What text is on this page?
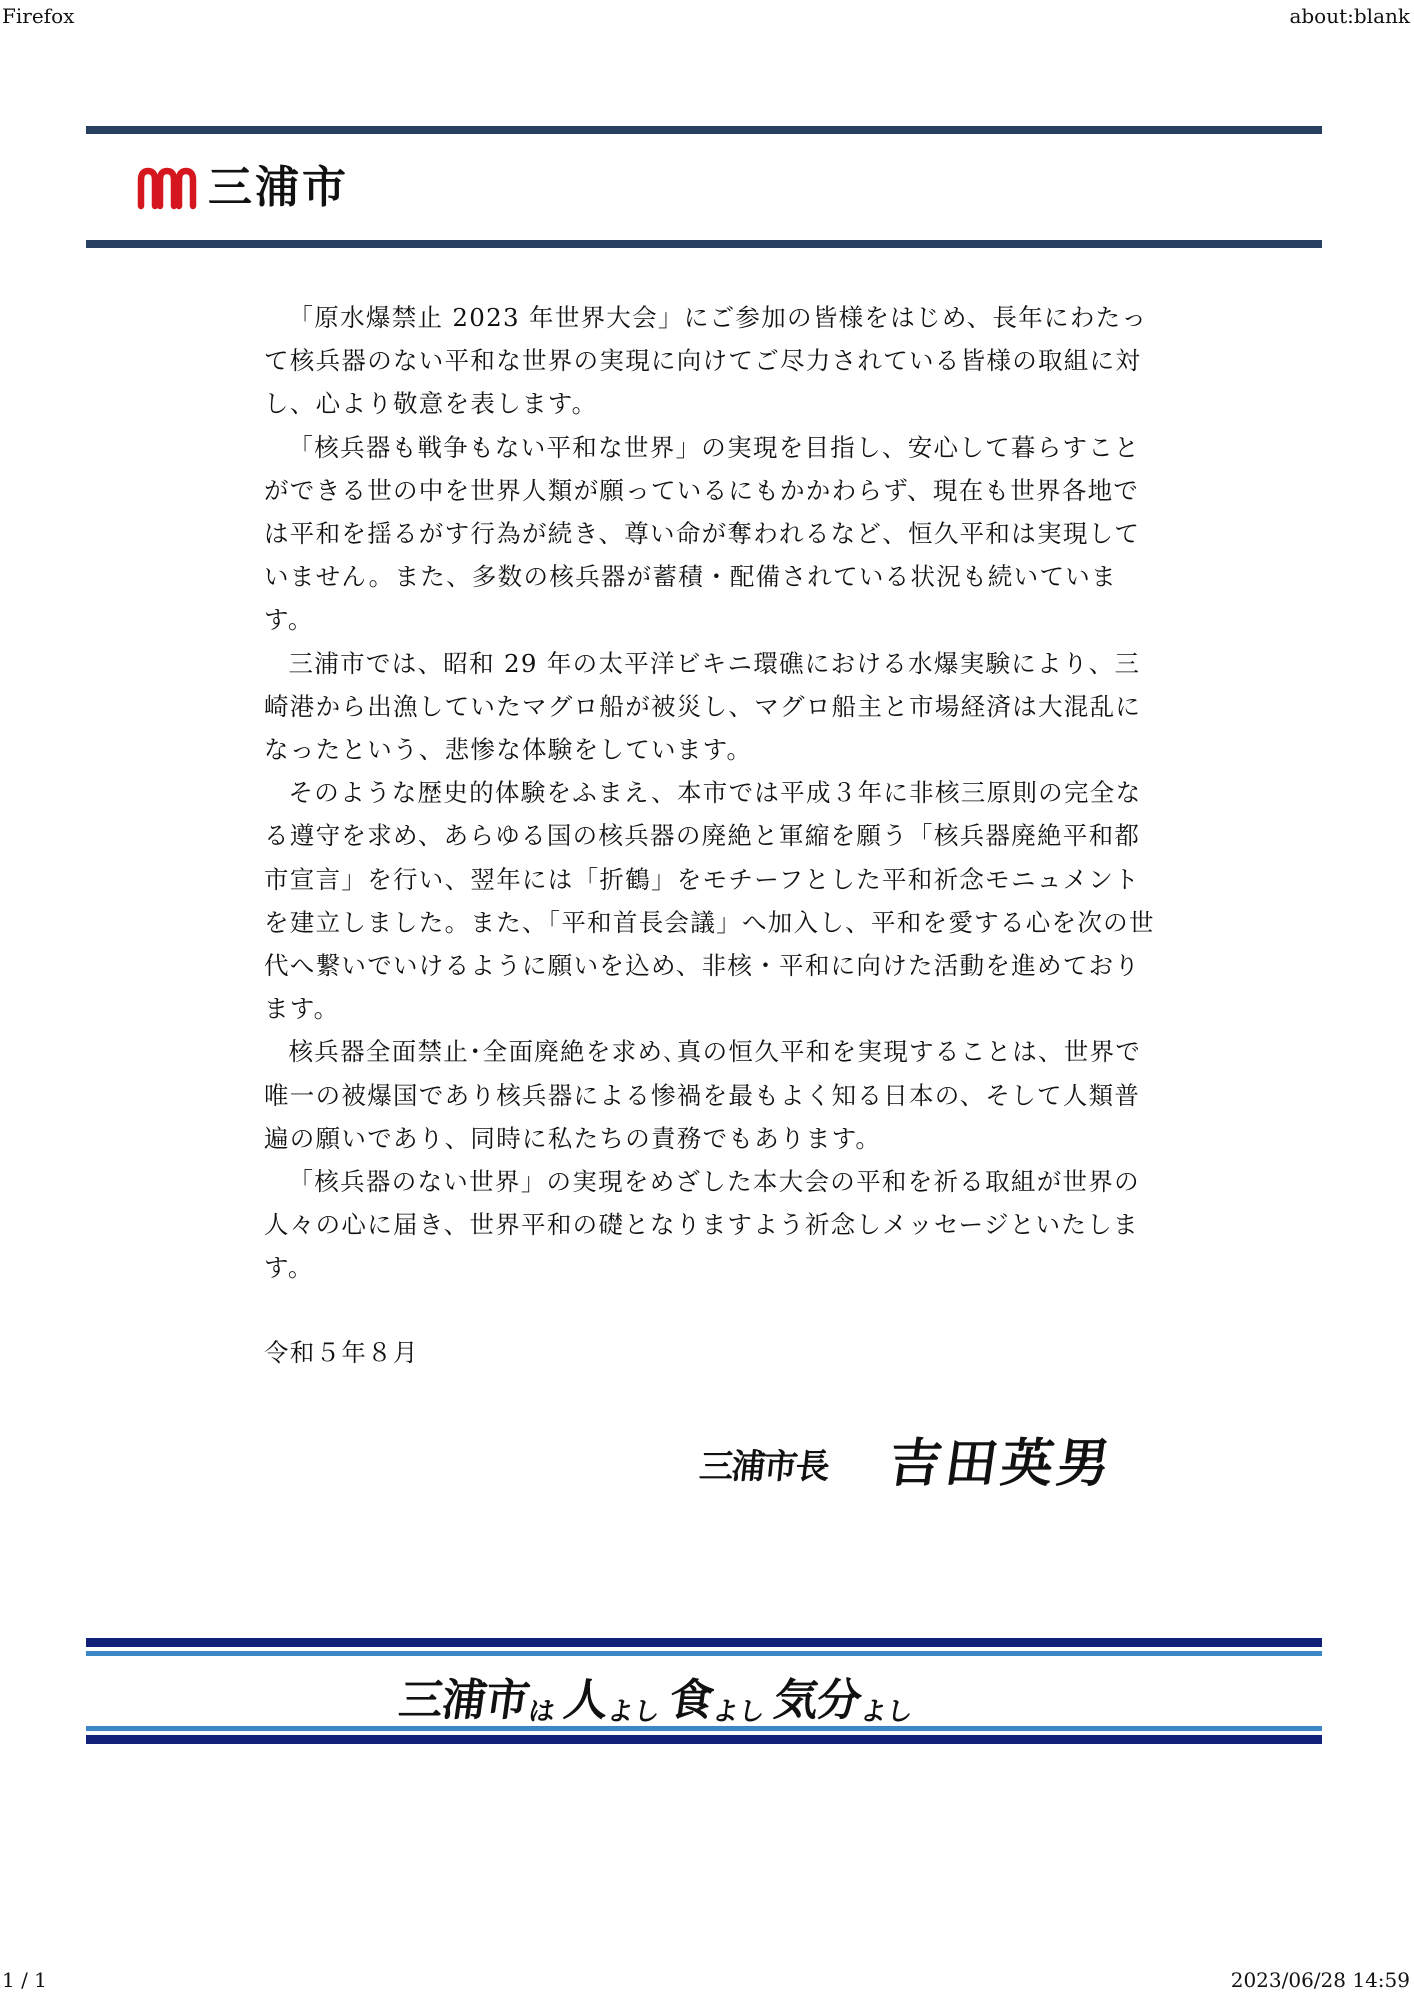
Firefox	about:blank
1 / 1	2023/06/28 14:59
三浦市

「原水爆禁止 2023 年世界大会」にご参加の皆様をはじめ、長年にわたって核兵器のない平和な世界の実現に向けてご尽力されている皆様の取組に対し、心より敬意を表します。

「核兵器も戦争もない平和な世界」の実現を目指し、安心して暮らすことができる世の中を世界人類が願っているにもかかわらず、現在も世界各地では平和を揺るがす行為が続き、尊い命が奪われるなど、恒久平和は実現していません。また、多数の核兵器が蓄積・配備されている状況も続いています。

三浦市では、昭和 29 年の太平洋ビキニ環礁における水爆実験により、三崎港から出漁していたマグロ船が被災し、マグロ船主と市場経済は大混乱になったという、悲惨な体験をしています。

そのような歴史的体験をふまえ、本市では平成３年に非核三原則の完全なる遵守を求め、あらゆる国の核兵器の廃絶と軍縮を願う「核兵器廃絶平和都市宣言」を行い、翌年には「折鶴」をモチーフとした平和祈念モニュメントを建立しました。また、「平和首長会議」へ加入し、平和を愛する心を次の世代へ繋いでいけるように願いを込め、非核・平和に向けた活動を進めております。

核兵器全面禁止･全面廃絶を求め､真の恒久平和を実現することは、世界で唯一の被爆国であり核兵器による惨禍を最もよく知る日本の、そして人類普遍の願いであり、同時に私たちの責務でもあります。

「核兵器のない世界」の実現をめざした本大会の平和を祈る取組が世界の人々の心に届き、世界平和の礎となりますよう祈念しメッセージといたします。

令和５年８月
三浦市長 吉田英男
三浦市
は 人
よし 食
よし 気分
よし
